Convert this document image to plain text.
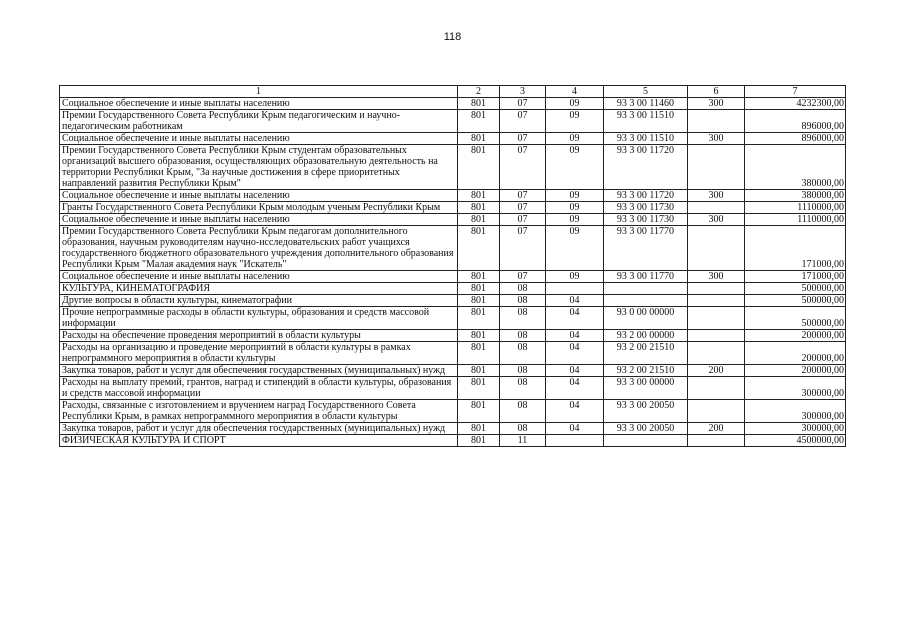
118
1	2	3	4	5	6	7
Социальное обеспечение и иные выплаты населению	801	07	09	93 3 00 11460	300	4232300,00
Премии Государственного Совета Республики Крым педагогическим и научно-педагогическим работникам	801	07	09	93 3 00 11510		896000,00
Социальное обеспечение и иные выплаты населению	801	07	09	93 3 00 11510	300	896000,00
Премии Государственного Совета Республики Крым студентам образовательных организаций высшего образования, осуществляющих образовательную деятельность на территории Республики Крым, "За научные достижения в сфере приоритетных направлений развития Республики Крым"	801	07	09	93 3 00 11720		380000,00
Социальное обеспечение и иные выплаты населению	801	07	09	93 3 00 11720	300	380000,00
Гранты Государственного Совета Республики Крым молодым ученым Республики Крым	801	07	09	93 3 00 11730		1110000,00
Социальное обеспечение и иные выплаты населению	801	07	09	93 3 00 11730	300	1110000,00
Премии Государственного Совета Республики Крым педагогам дополнительного образования, научным руководителям научно-исследовательских работ учащихся государственного бюджетного образовательного учреждения дополнительного образования Республики Крым "Малая академия наук "Искатель"	801	07	09	93 3 00 11770		171000,00
Социальное обеспечение и иные выплаты населению	801	07	09	93 3 00 11770	300	171000,00
КУЛЬТУРА, КИНЕМАТОГРАФИЯ	801	08				500000,00
Другие вопросы в области культуры, кинематографии	801	08	04			500000,00
Прочие непрограммные расходы в области культуры, образования и средств массовой информации	801	08	04	93 0 00 00000		500000,00
Расходы на обеспечение проведения мероприятий в области культуры	801	08	04	93 2 00 00000		200000,00
Расходы на организацию и проведение мероприятий в области культуры в рамках непрограммного мероприятия в области культуры	801	08	04	93 2 00 21510		200000,00
Закупка товаров, работ и услуг для обеспечения государственных (муниципальных) нужд	801	08	04	93 2 00 21510	200	200000,00
Расходы на выплату премий, грантов, наград и стипендий в области культуры, образования и средств массовой информации	801	08	04	93 3 00 00000		300000,00
Расходы, связанные с изготовлением и вручением наград Государственного Совета Республики Крым, в рамках непрограммного мероприятия в области культуры	801	08	04	93 3 00 20050		300000,00
Закупка товаров, работ и услуг для обеспечения государственных (муниципальных) нужд	801	08	04	93 3 00 20050	200	300000,00
ФИЗИЧЕСКАЯ КУЛЬТУРА И СПОРТ	801	11				4500000,00
